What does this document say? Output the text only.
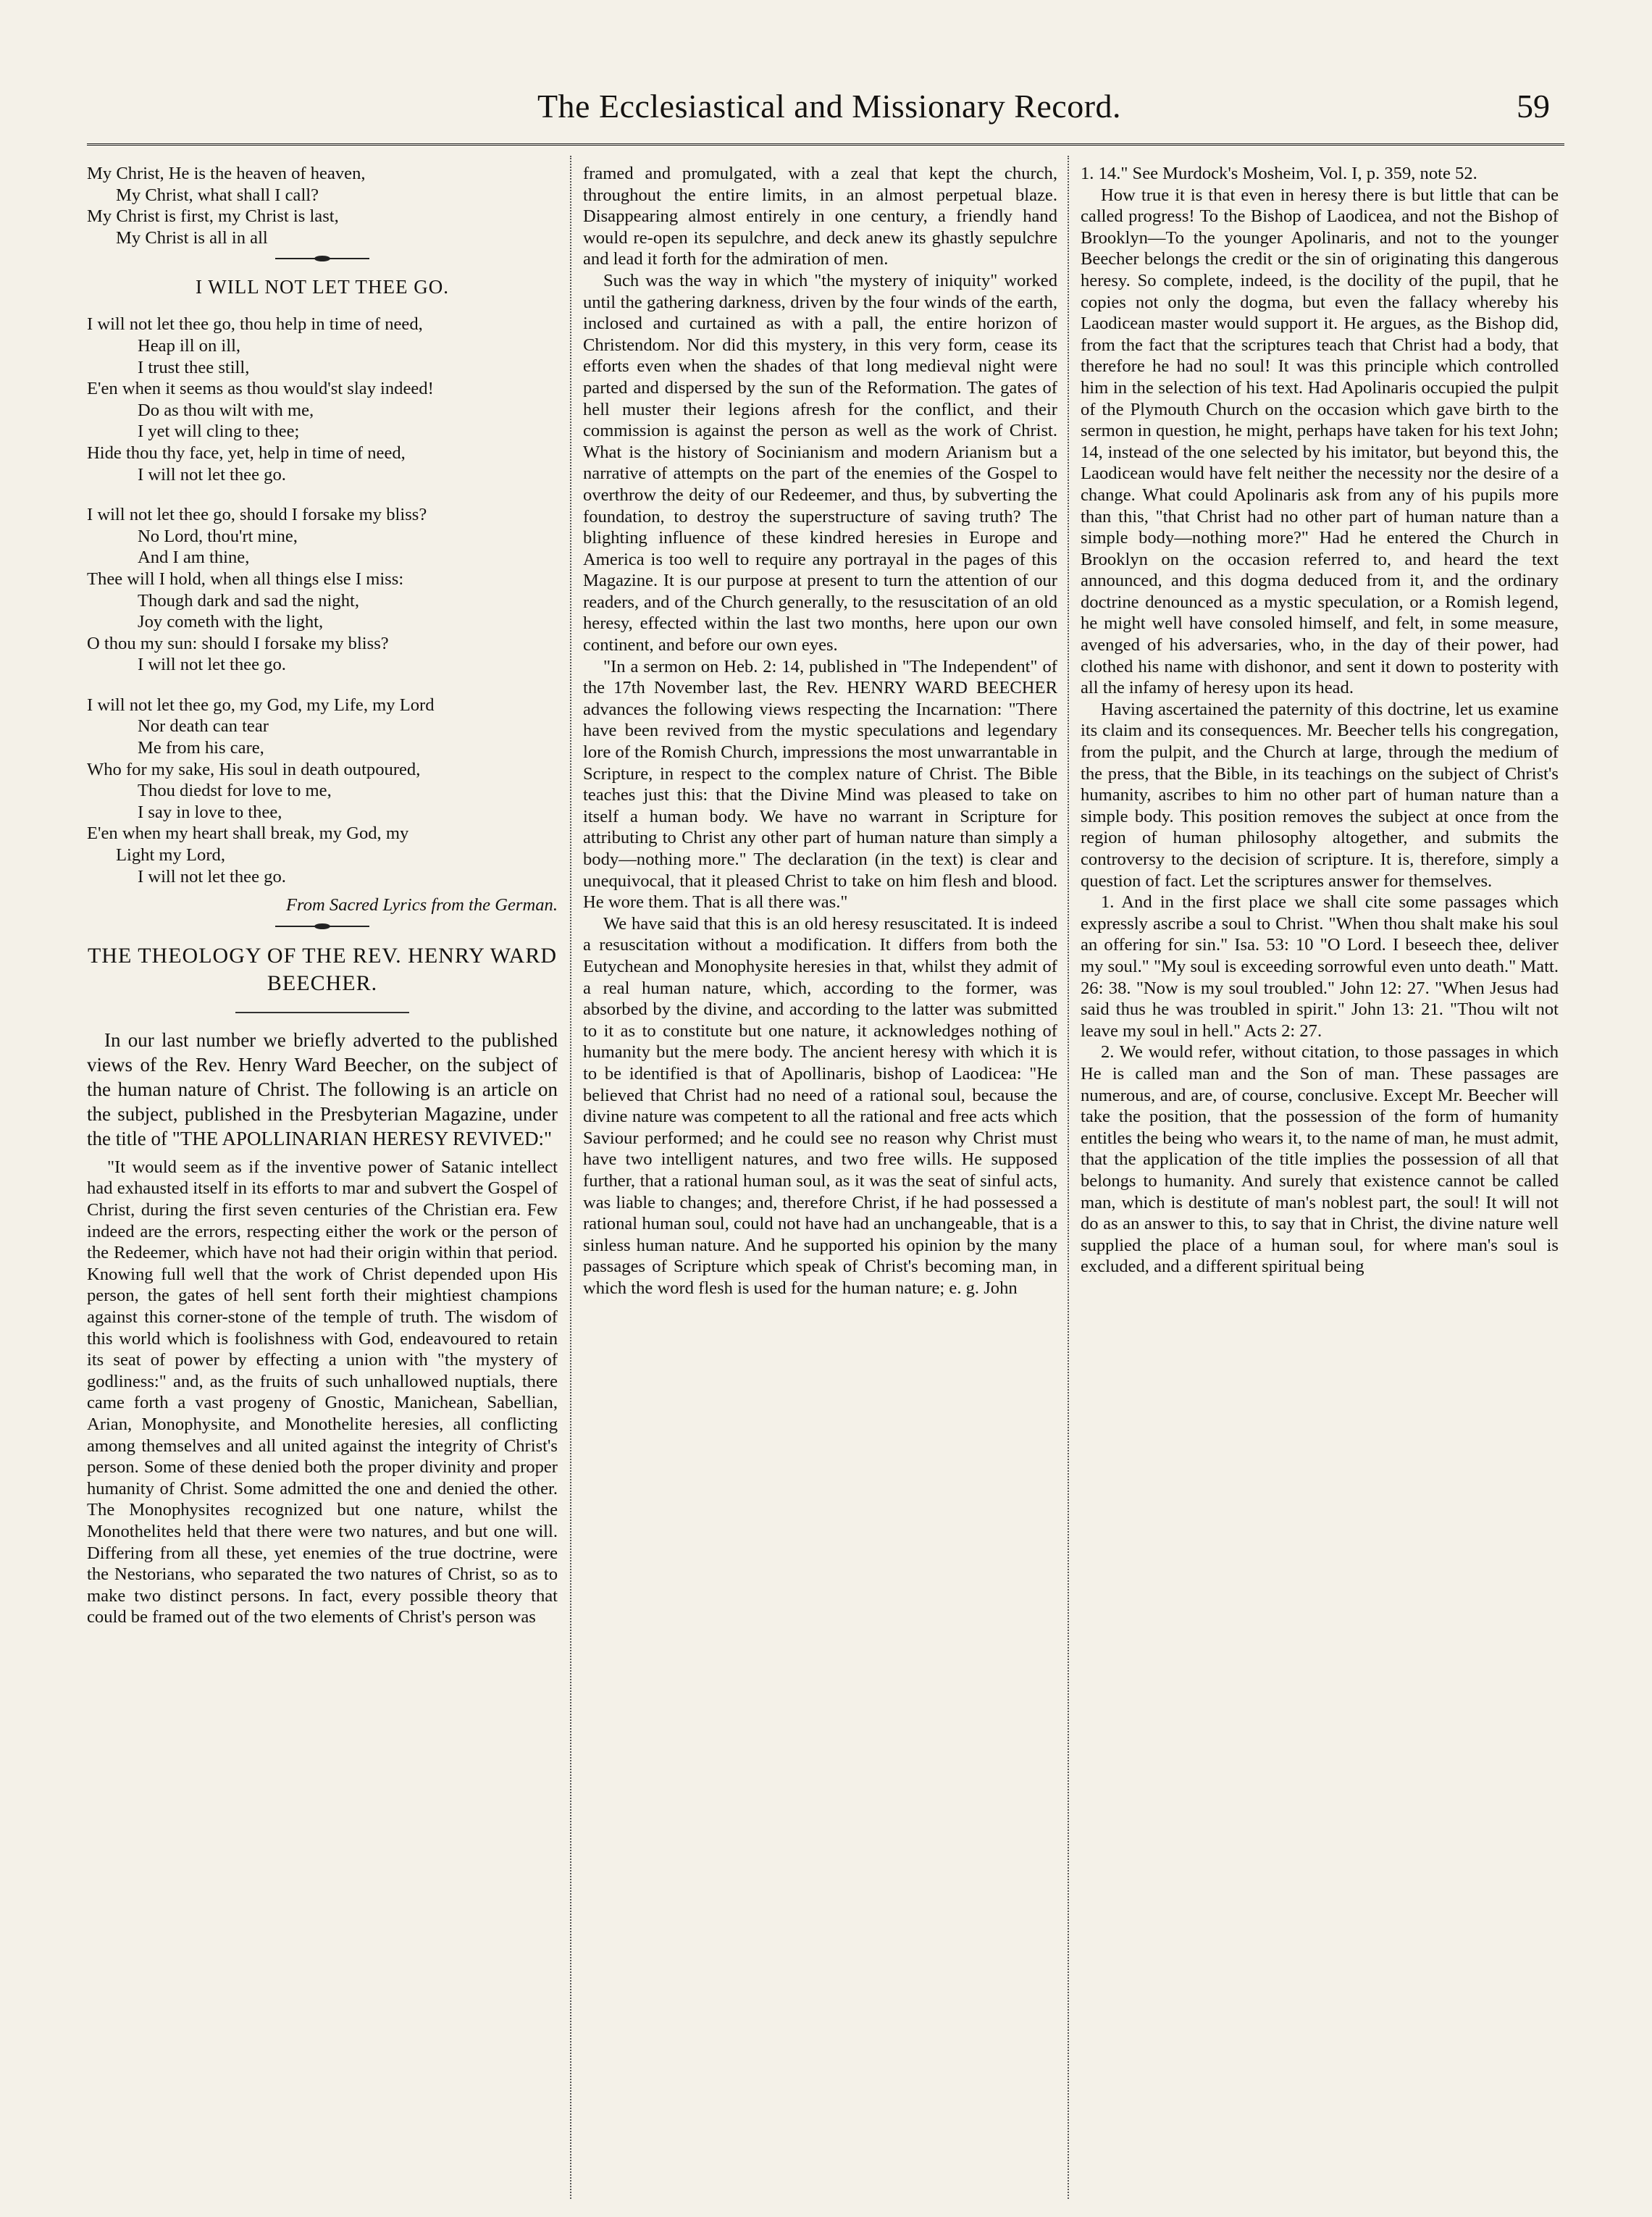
The Ecclesiastical and Missionary Record.	59
My Christ, He is the heaven of heaven,
My Christ, what shall I call?
My Christ is first, my Christ is last,
My Christ is all in all
I WILL NOT LET THEE GO.
I will not let thee go, thou help in time of need,
Heap ill on ill,
I trust thee still,
E'en when it seems as thou would'st slay indeed!
Do as thou wilt with me,
I yet will cling to thee;
Hide thou thy face, yet, help in time of need,
I will not let thee go.
I will not let thee go, should I forsake my bliss?
No Lord, thou'rt mine,
And I am thine,
Thee will I hold, when all things else I miss:
Though dark and sad the night,
Joy cometh with the light,
O thou my sun: should I forsake my bliss?
I will not let thee go.
I will not let thee go, my God, my Life, my Lord
Nor death can tear
Me from his care,
Who for my sake, His soul in death outpoured,
Thou diedst for love to me,
I say in love to thee,
E'en when my heart shall break, my God, my
Light my Lord,
I will not let thee go.
From Sacred Lyrics from the German.
THE THEOLOGY OF THE REV. HENRY WARD BEECHER.

In our last number we briefly adverted to the published views of the Rev. Henry Ward Beecher, on the subject of the human nature of Christ. The following is an article on the subject, published in the Presbyterian Magazine, under the title of "THE APOLLINARIAN HERESY REVIVED:"

"It would seem as if the inventive power of Satanic intellect had exhausted itself in its efforts to mar and subvert the Gospel of Christ, during the first seven centuries of the Christian era. Few indeed are the errors, respecting either the work or the person of the Redeemer, which have not had their origin within that period. Knowing full well that the work of Christ depended upon His person, the gates of hell sent forth their mightiest champions against this corner-stone of the temple of truth. The wisdom of this world which is foolishness with God, endeavoured to retain its seat of power by effecting a union with "the mystery of godliness:" and, as the fruits of such unhallowed nuptials, there came forth a vast progeny of Gnostic, Manichean, Sabellian, Arian, Monophysite, and Monothelite heresies, all conflicting among themselves and all united against the integrity of Christ's person. Some of these denied both the proper divinity and proper humanity of Christ. Some admitted the one and denied the other. The Monophysites recognized but one nature, whilst the Monothelites held that there were two natures, and but one will. Differing from all these, yet enemies of the true doctrine, were the Nestorians, who separated the two natures of Christ, so as to make two distinct persons. In fact, every possible theory that could be framed out of the two elements of Christ's person was

framed and promulgated, with a zeal that kept the church, throughout the entire limits, in an almost perpetual blaze. Disappearing almost entirely in one century, a friendly hand would re-open its sepulchre, and deck anew its ghastly sepulchre and lead it forth for the admiration of men.

Such was the way in which "the mystery of iniquity" worked until the gathering darkness, driven by the four winds of the earth, inclosed and curtained as with a pall, the entire horizon of Christendom. Nor did this mystery, in this very form, cease its efforts even when the shades of that long medieval night were parted and dispersed by the sun of the Reformation. The gates of hell muster their legions afresh for the conflict, and their commission is against the person as well as the work of Christ. What is the history of Socinianism and modern Arianism but a narrative of attempts on the part of the enemies of the Gospel to overthrow the deity of our Redeemer, and thus, by subverting the foundation, to destroy the superstructure of saving truth? The blighting influence of these kindred heresies in Europe and America is too well to require any portrayal in the pages of this Magazine. It is our purpose at present to turn the attention of our readers, and of the Church generally, to the resuscitation of an old heresy, effected within the last two months, here upon our own continent, and before our own eyes.

"In a sermon on Heb. 2: 14, published in "The Independent" of the 17th November last, the Rev. HENRY WARD BEECHER advances the following views respecting the Incarnation: "There have been revived from the mystic speculations and legendary lore of the Romish Church, impressions the most unwarrantable in Scripture, in respect to the complex nature of Christ. The Bible teaches just this: that the Divine Mind was pleased to take on itself a human body. We have no warrant in Scripture for attributing to Christ any other part of human nature than simply a body—nothing more." The declaration (in the text) is clear and unequivocal, that it pleased Christ to take on him flesh and blood. He wore them. That is all there was."

We have said that this is an old heresy resuscitated. It is indeed a resuscitation without a modification. It differs from both the Eutychean and Monophysite heresies in that, whilst they admit of a real human nature, which, according to the former, was absorbed by the divine, and according to the latter was submitted to it as to constitute but one nature, it acknowledges nothing of humanity but the mere body. The ancient heresy with which it is to be identified is that of Apollinaris, bishop of Laodicea: "He believed that Christ had no need of a rational soul, because the divine nature was competent to all the rational and free acts which Saviour performed; and he could see no reason why Christ must have two intelligent natures, and two free wills. He supposed further, that a rational human soul, as it was the seat of sinful acts, was liable to changes; and, therefore Christ, if he had possessed a rational human soul, could not have had an unchangeable, that is a sinless human nature. And he supported his opinion by the many passages of Scripture which speak of Christ's becoming man, in which the word flesh is used for the human nature; e. g. John

1. 14." See Murdock's Mosheim, Vol. I, p. 359, note 52.

How true it is that even in heresy there is but little that can be called progress! To the Bishop of Laodicea, and not the Bishop of Brooklyn—To the younger Apolinaris, and not to the younger Beecher belongs the credit or the sin of originating this dangerous heresy. So complete, indeed, is the docility of the pupil, that he copies not only the dogma, but even the fallacy whereby his Laodicean master would support it. He argues, as the Bishop did, from the fact that the scriptures teach that Christ had a body, that therefore he had no soul! It was this principle which controlled him in the selection of his text. Had Apolinaris occupied the pulpit of the Plymouth Church on the occasion which gave birth to the sermon in question, he might, perhaps have taken for his text John; 14, instead of the one selected by his imitator, but beyond this, the Laodicean would have felt neither the necessity nor the desire of a change. What could Apolinaris ask from any of his pupils more than this, "that Christ had no other part of human nature than a simple body—nothing more?" Had he entered the Church in Brooklyn on the occasion referred to, and heard the text announced, and this dogma deduced from it, and the ordinary doctrine denounced as a mystic speculation, or a Romish legend, he might well have consoled himself, and felt, in some measure, avenged of his adversaries, who, in the day of their power, had clothed his name with dishonor, and sent it down to posterity with all the infamy of heresy upon its head.

Having ascertained the paternity of this doctrine, let us examine its claim and its consequences. Mr. Beecher tells his congregation, from the pulpit, and the Church at large, through the medium of the press, that the Bible, in its teachings on the subject of Christ's humanity, ascribes to him no other part of human nature than a simple body. This position removes the subject at once from the region of human philosophy altogether, and submits the controversy to the decision of scripture. It is, therefore, simply a question of fact. Let the scriptures answer for themselves.

1. And in the first place we shall cite some passages which expressly ascribe a soul to Christ. "When thou shalt make his soul an offering for sin." Isa. 53: 10 "O Lord. I beseech thee, deliver my soul." "My soul is exceeding sorrowful even unto death." Matt. 26: 38. "Now is my soul troubled." John 12: 27. "When Jesus had said thus he was troubled in spirit." John 13: 21. "Thou wilt not leave my soul in hell." Acts 2: 27.

2. We would refer, without citation, to those passages in which He is called man and the Son of man. These passages are numerous, and are, of course, conclusive. Except Mr. Beecher will take the position, that the possession of the form of humanity entitles the being who wears it, to the name of man, he must admit, that the application of the title implies the possession of all that belongs to humanity. And surely that existence cannot be called man, which is destitute of man's noblest part, the soul! It will not do as an answer to this, to say that in Christ, the divine nature well supplied the place of a human soul, for where man's soul is excluded, and a different spiritual being
